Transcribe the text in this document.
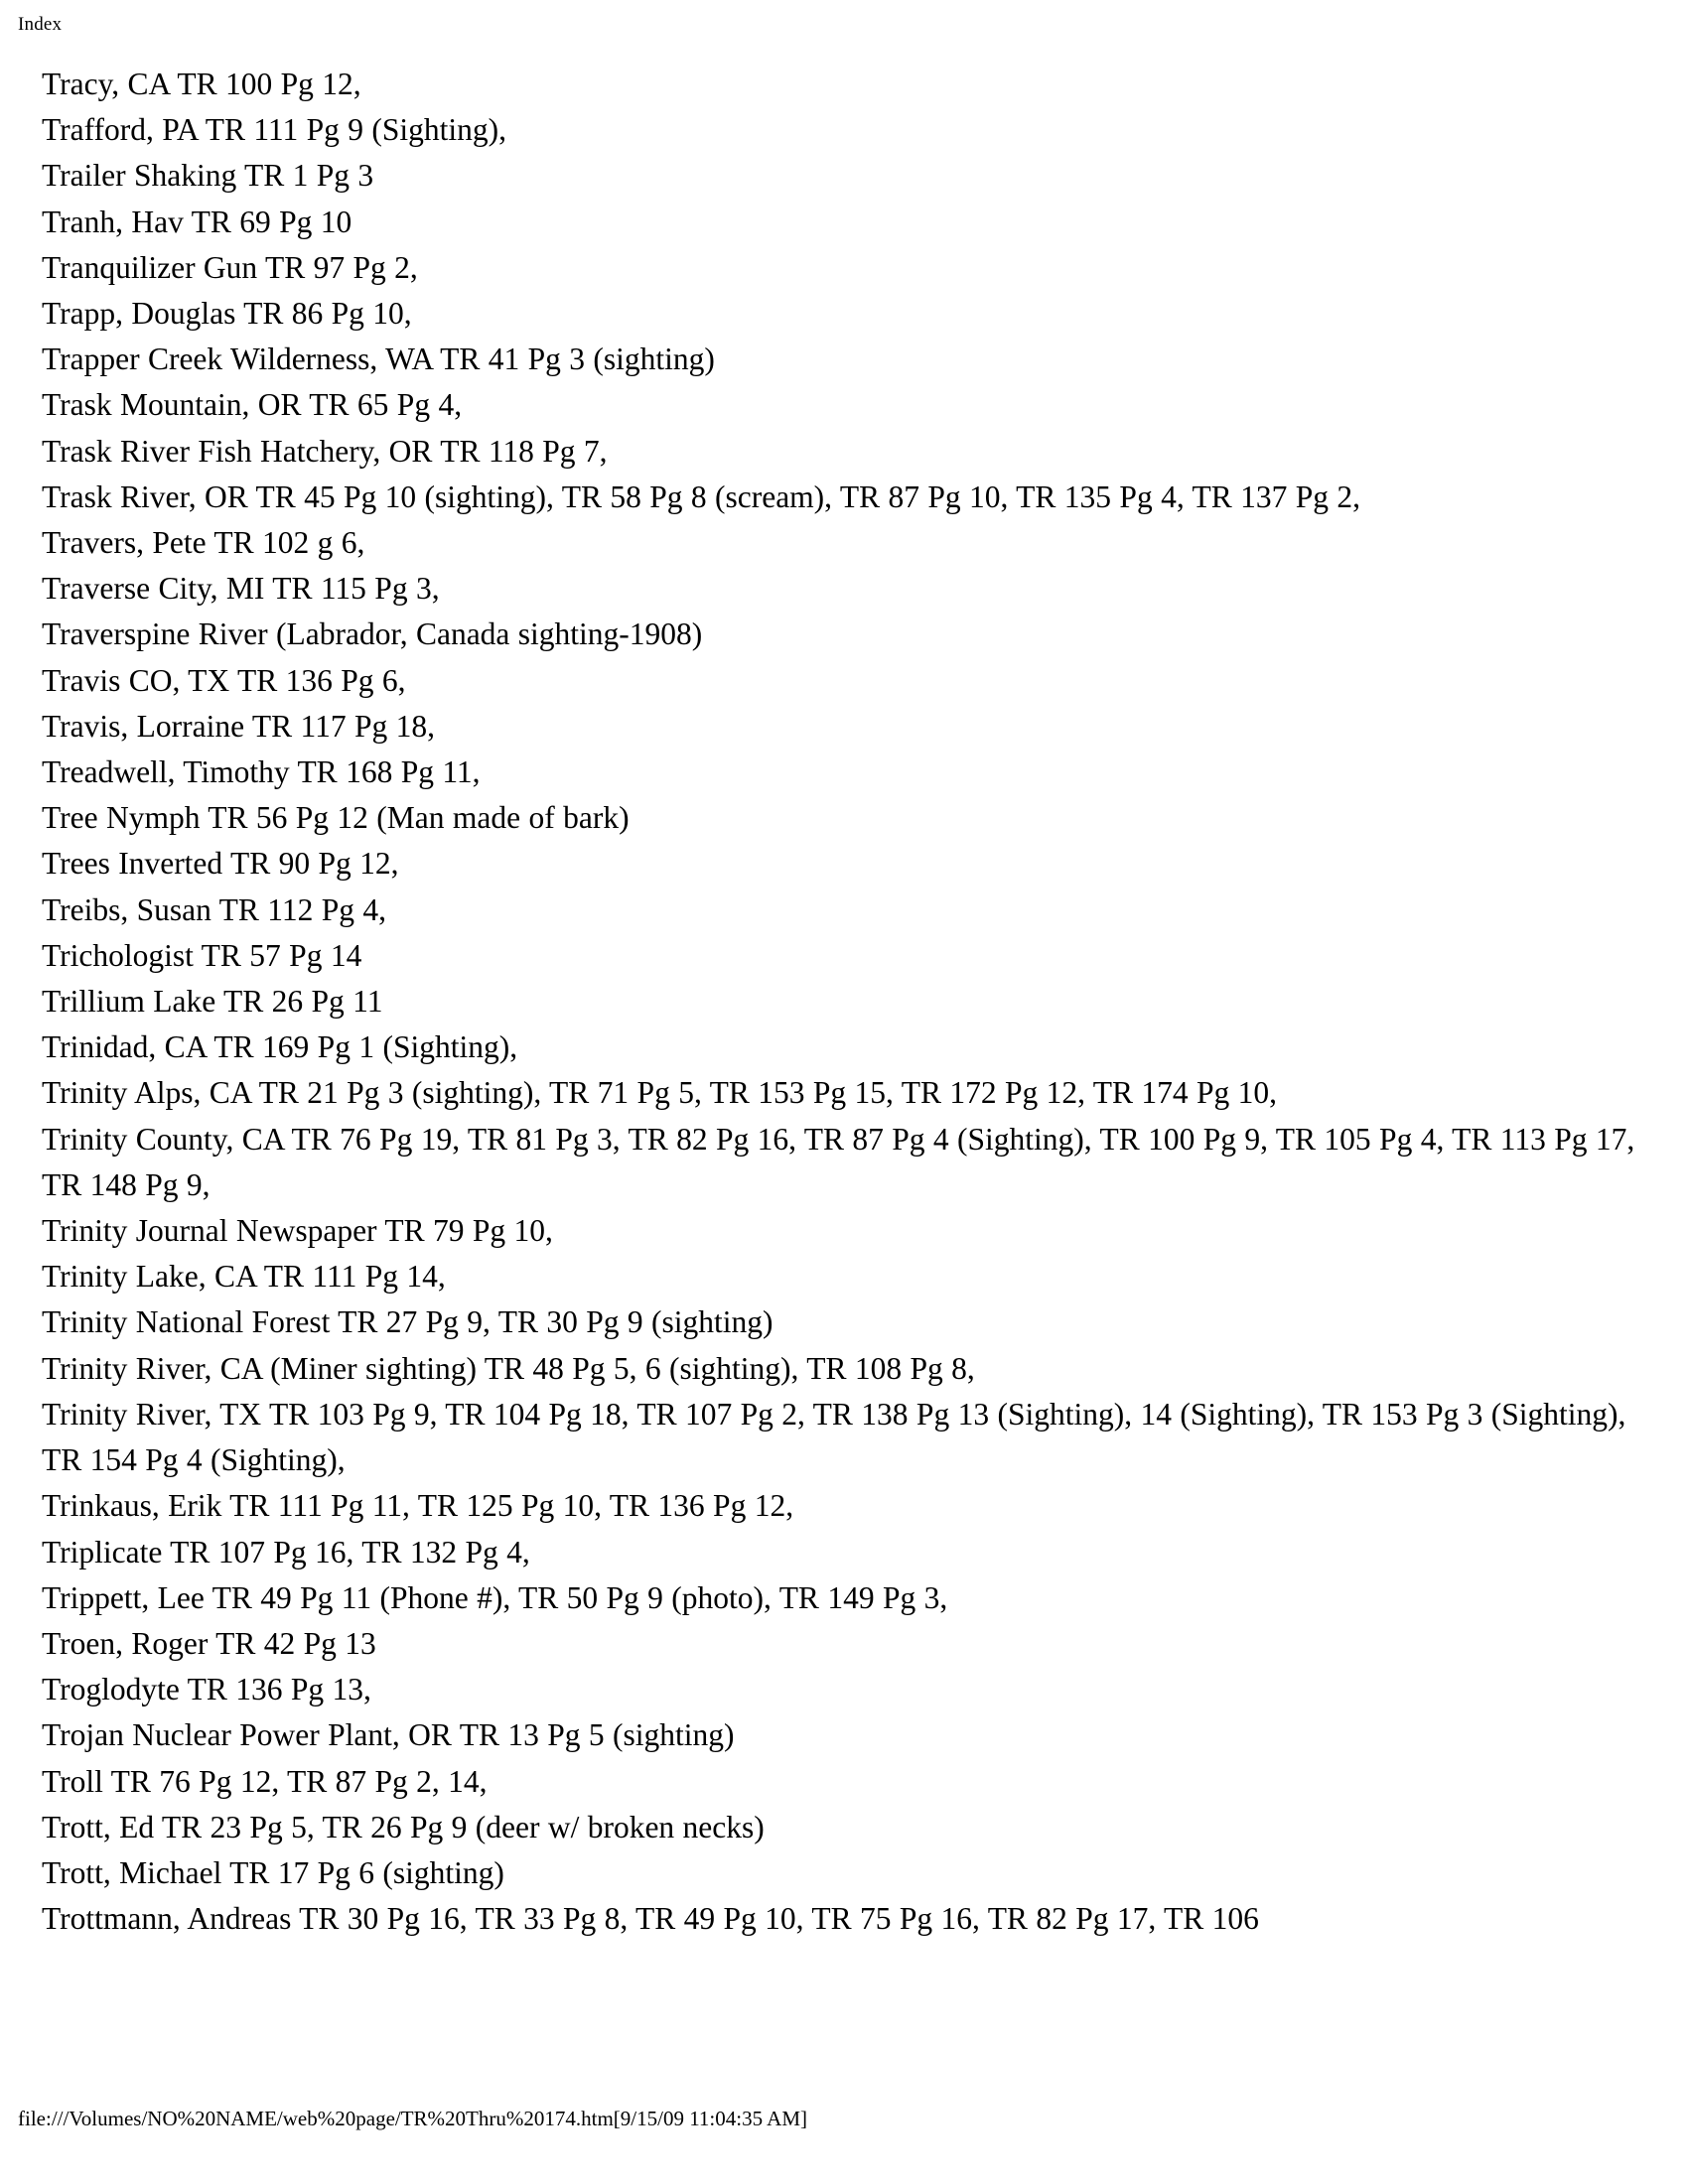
Index
Tracy, CA TR 100 Pg 12,
Trafford, PA TR 111 Pg 9 (Sighting),
Trailer Shaking TR 1 Pg 3
Tranh, Hav TR 69 Pg 10
Tranquilizer Gun TR 97 Pg 2,
Trapp, Douglas TR 86 Pg 10,
Trapper Creek Wilderness, WA TR 41 Pg 3 (sighting)
Trask Mountain, OR TR 65 Pg 4,
Trask River Fish Hatchery, OR TR 118 Pg 7,
Trask River, OR TR 45 Pg 10 (sighting), TR 58 Pg 8 (scream), TR 87 Pg 10, TR 135 Pg 4, TR 137 Pg 2,
Travers, Pete TR 102 g 6,
Traverse City, MI TR 115 Pg 3,
Traverspine River (Labrador, Canada sighting-1908)
Travis CO, TX TR 136 Pg 6,
Travis, Lorraine TR 117 Pg 18,
Treadwell, Timothy TR 168 Pg 11,
Tree Nymph TR 56 Pg 12 (Man made of bark)
Trees Inverted TR 90 Pg 12,
Treibs, Susan TR 112 Pg 4,
Trichologist TR 57 Pg 14
Trillium Lake TR 26 Pg 11
Trinidad, CA TR 169 Pg 1 (Sighting),
Trinity Alps, CA TR 21 Pg 3 (sighting), TR 71 Pg 5, TR 153 Pg 15, TR 172 Pg 12, TR 174 Pg 10,
Trinity County, CA TR 76 Pg 19, TR 81 Pg 3, TR 82 Pg 16, TR 87 Pg 4 (Sighting), TR 100 Pg 9, TR 105 Pg 4, TR 113 Pg 17, TR 148 Pg 9,
Trinity Journal Newspaper TR 79 Pg 10,
Trinity Lake, CA TR 111 Pg 14,
Trinity National Forest TR 27 Pg 9, TR 30 Pg 9 (sighting)
Trinity River, CA (Miner sighting) TR 48 Pg 5, 6 (sighting), TR 108 Pg 8,
Trinity River, TX TR 103 Pg 9, TR 104 Pg 18, TR 107 Pg 2, TR 138 Pg 13 (Sighting), 14 (Sighting), TR 153 Pg 3 (Sighting), TR 154 Pg 4 (Sighting),
Trinkaus, Erik TR 111 Pg 11, TR 125 Pg 10, TR 136 Pg 12,
Triplicate TR 107 Pg 16, TR 132 Pg 4,
Trippett, Lee TR 49 Pg 11 (Phone #), TR 50 Pg 9 (photo), TR 149 Pg 3,
Troen, Roger TR 42 Pg 13
Troglodyte TR 136 Pg 13,
Trojan Nuclear Power Plant, OR TR 13 Pg 5 (sighting)
Troll TR 76 Pg 12, TR 87 Pg 2, 14,
Trott, Ed TR 23 Pg 5, TR 26 Pg 9 (deer w/ broken necks)
Trott, Michael TR 17 Pg 6 (sighting)
Trottmann, Andreas TR 30 Pg 16, TR 33 Pg 8, TR 49 Pg 10, TR 75 Pg 16, TR 82 Pg 17, TR 106
file:///Volumes/NO%20NAME/web%20page/TR%20Thru%20174.htm[9/15/09 11:04:35 AM]
